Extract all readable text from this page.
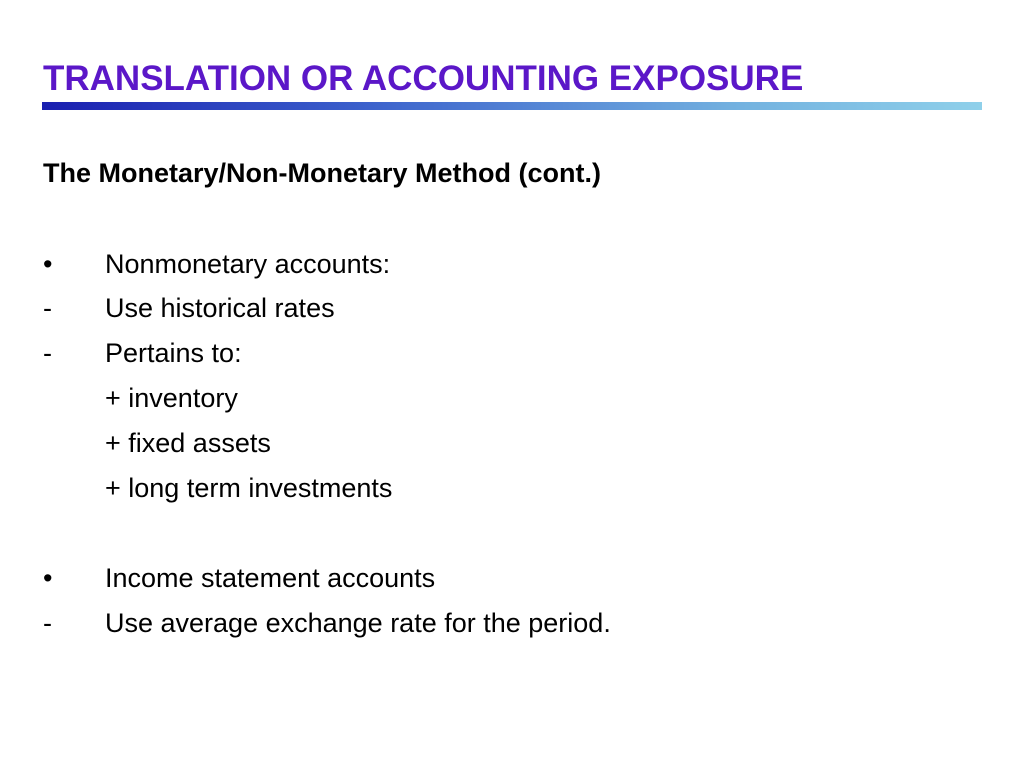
TRANSLATION OR ACCOUNTING EXPOSURE
The Monetary/Non-Monetary Method (cont.)
• Nonmonetary accounts:
- Use historical rates
- Pertains to:
+ inventory
+ fixed assets
+ long term investments
• Income statement accounts
- Use average exchange rate for the period.
